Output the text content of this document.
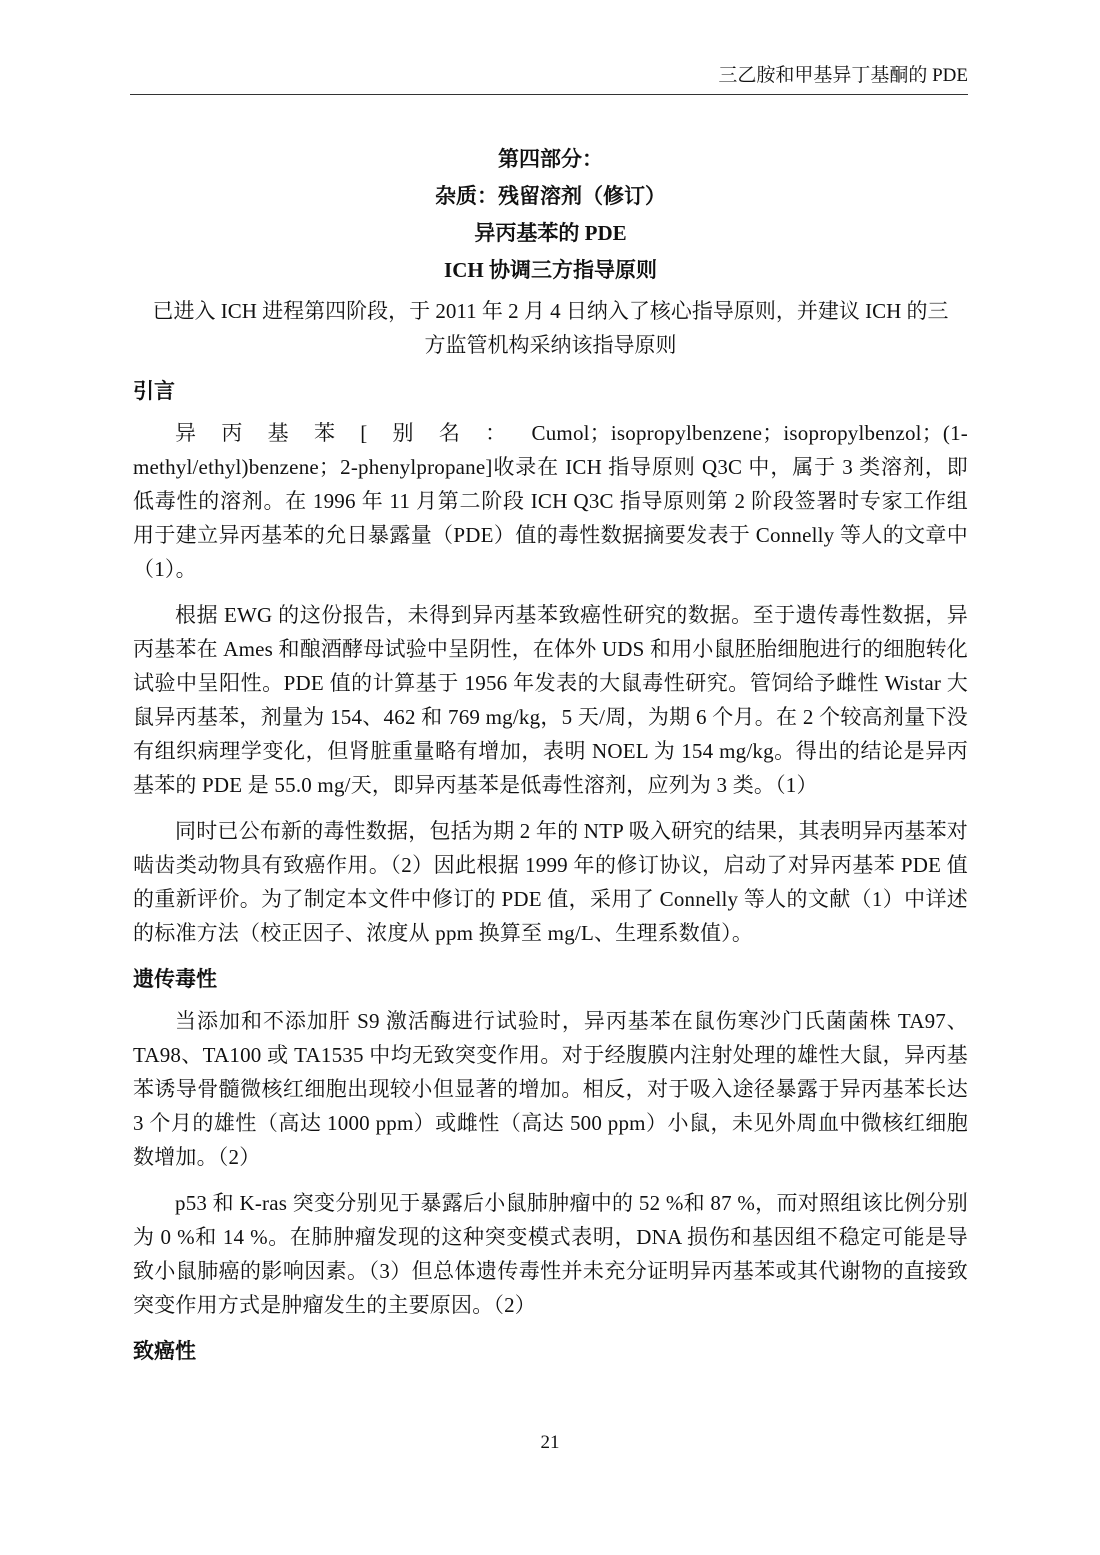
三乙胺和甲基异丁基酮的 PDE
第四部分：
杂质：残留溶剂（修订）
异丙基苯的 PDE
ICH 协调三方指导原则
已进入 ICH 进程第四阶段，于 2011 年 2 月 4 日纳入了核心指导原则，并建议 ICH 的三
方监管机构采纳该指导原则
引言

异丙基苯[别名：Cumol；isopropylbenzene；isopropylbenzol；(1-methyl/ethyl)benzene；2-phenylpropane]收录在 ICH 指导原则 Q3C 中，属于 3 类溶剂，即低毒性的溶剂。在 1996 年 11 月第二阶段 ICH Q3C 指导原则第 2 阶段签署时专家工作组用于建立异丙基苯的允日暴露量（PDE）值的毒性数据摘要发表于 Connelly 等人的文章中（1）。

根据 EWG 的这份报告，未得到异丙基苯致癌性研究的数据。至于遗传毒性数据，异丙基苯在 Ames 和酿酒酵母试验中呈阴性，在体外 UDS 和用小鼠胚胎细胞进行的细胞转化试验中呈阳性。PDE 值的计算基于 1956 年发表的大鼠毒性研究。管饲给予雌性 Wistar 大鼠异丙基苯，剂量为 154、462 和 769 mg/kg，5 天/周，为期 6 个月。在 2 个较高剂量下没有组织病理学变化，但肾脏重量略有增加，表明 NOEL 为 154 mg/kg。得出的结论是异丙基苯的 PDE 是 55.0 mg/天，即异丙基苯是低毒性溶剂，应列为 3 类。（1）

同时已公布新的毒性数据，包括为期 2 年的 NTP 吸入研究的结果，其表明异丙基苯对啮齿类动物具有致癌作用。（2）因此根据 1999 年的修订协议，启动了对异丙基苯 PDE 值的重新评价。为了制定本文件中修订的 PDE 值，采用了 Connelly 等人的文献（1）中详述的标准方法（校正因子、浓度从 ppm 换算至 mg/L、生理系数值）。

遗传毒性

当添加和不添加肝 S9 激活酶进行试验时，异丙基苯在鼠伤寒沙门氏菌菌株 TA97、TA98、TA100 或 TA1535 中均无致突变作用。对于经腹膜内注射处理的雄性大鼠，异丙基苯诱导骨髓微核红细胞出现较小但显著的增加。相反，对于吸入途径暴露于异丙基苯长达 3 个月的雄性（高达 1000 ppm）或雌性（高达 500 ppm）小鼠，未见外周血中微核红细胞数增加。（2）

p53 和 K-ras 突变分别见于暴露后小鼠肺肿瘤中的 52 %和 87 %，而对照组该比例分别为 0 %和 14 %。在肺肿瘤发现的这种突变模式表明，DNA 损伤和基因组不稳定可能是导致小鼠肺癌的影响因素。（3）但总体遗传毒性并未充分证明异丙基苯或其代谢物的直接致突变作用方式是肿瘤发生的主要原因。（2）

致癌性
21
